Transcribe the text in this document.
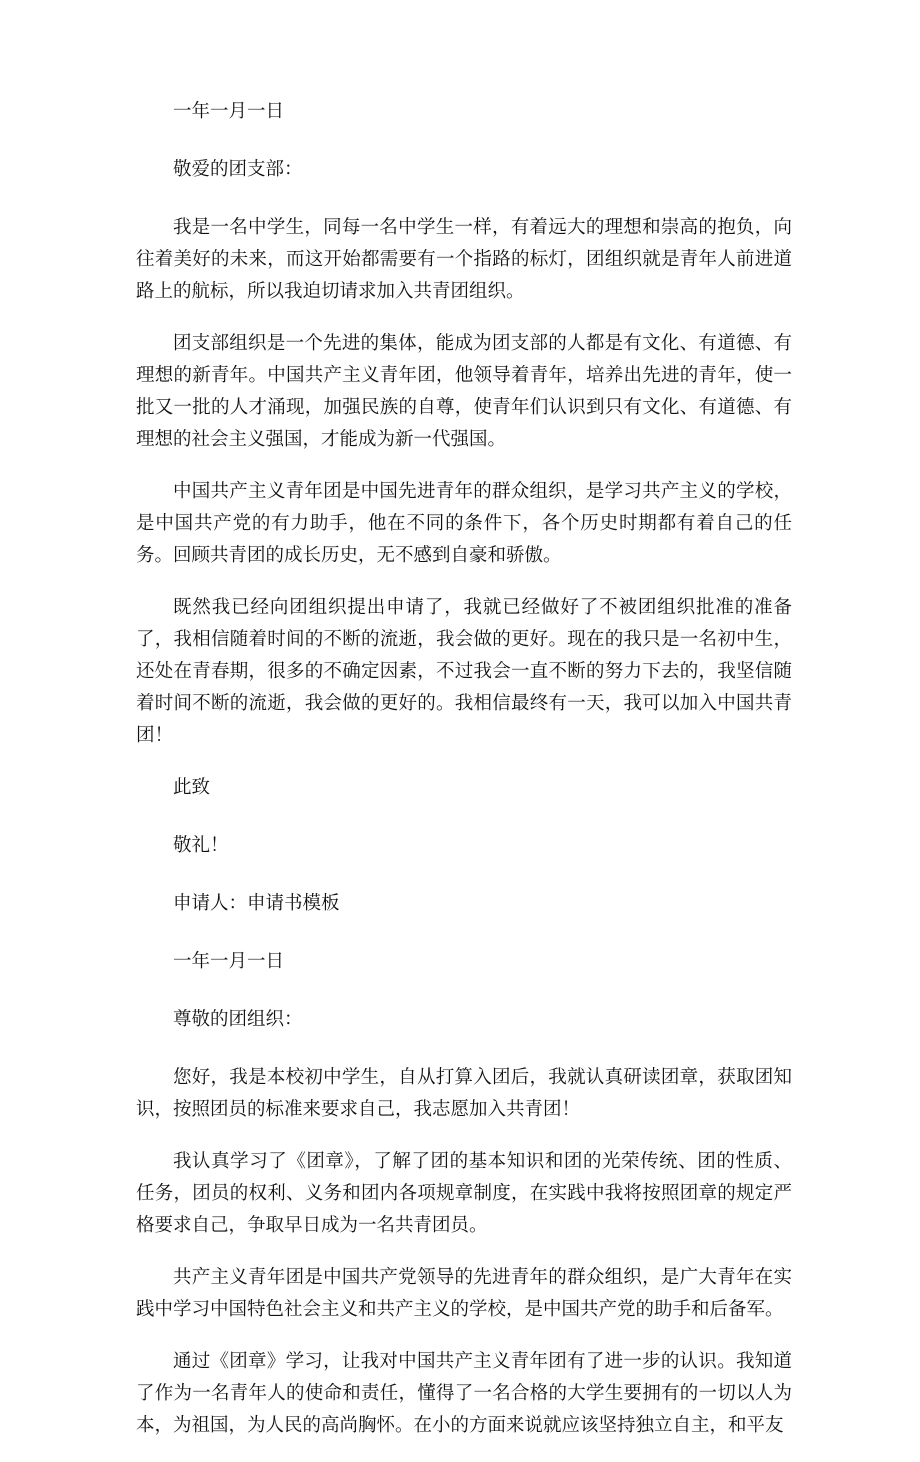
一年一月一日

敬爱的团支部：

我是一名中学生，同每一名中学生一样，有着远大的理想和崇高的抱负，向往着美好的未来，而这开始都需要有一个指路的标灯，团组织就是青年人前进道路上的航标，所以我迫切请求加入共青团组织。

团支部组织是一个先进的集体，能成为团支部的人都是有文化、有道德、有理想的新青年。中国共产主义青年团，他领导着青年，培养出先进的青年，使一批又一批的人才涌现，加强民族的自尊，使青年们认识到只有文化、有道德、有理想的社会主义强国，才能成为新一代强国。

中国共产主义青年团是中国先进青年的群众组织，是学习共产主义的学校，是中国共产党的有力助手，他在不同的条件下，各个历史时期都有着自己的任务。回顾共青团的成长历史，无不感到自豪和骄傲。

既然我已经向团组织提出申请了，我就已经做好了不被团组织批准的准备了，我相信随着时间的不断的流逝，我会做的更好。现在的我只是一名初中生，还处在青春期，很多的不确定因素，不过我会一直不断的努力下去的，我坚信随着时间不断的流逝，我会做的更好的。我相信最终有一天，我可以加入中国共青团！

此致

敬礼！

申请人：申请书模板

一年一月一日

尊敬的团组织：

您好，我是本校初中学生，自从打算入团后，我就认真研读团章，获取团知识，按照团员的标准来要求自己，我志愿加入共青团！

我认真学习了《团章》，了解了团的基本知识和团的光荣传统、团的性质、任务，团员的权利、义务和团内各项规章制度，在实践中我将按照团章的规定严格要求自己，争取早日成为一名共青团员。

共产主义青年团是中国共产党领导的先进青年的群众组织，是广大青年在实践中学习中国特色社会主义和共产主义的学校，是中国共产党的助手和后备军。

通过《团章》学习，让我对中国共产主义青年团有了进一步的认识。我知道了作为一名青年人的使命和责任，懂得了一名合格的大学生要拥有的一切以人为本，为祖国，为人民的高尚胸怀。在小的方面来说就应该坚持独立自主，和平友
